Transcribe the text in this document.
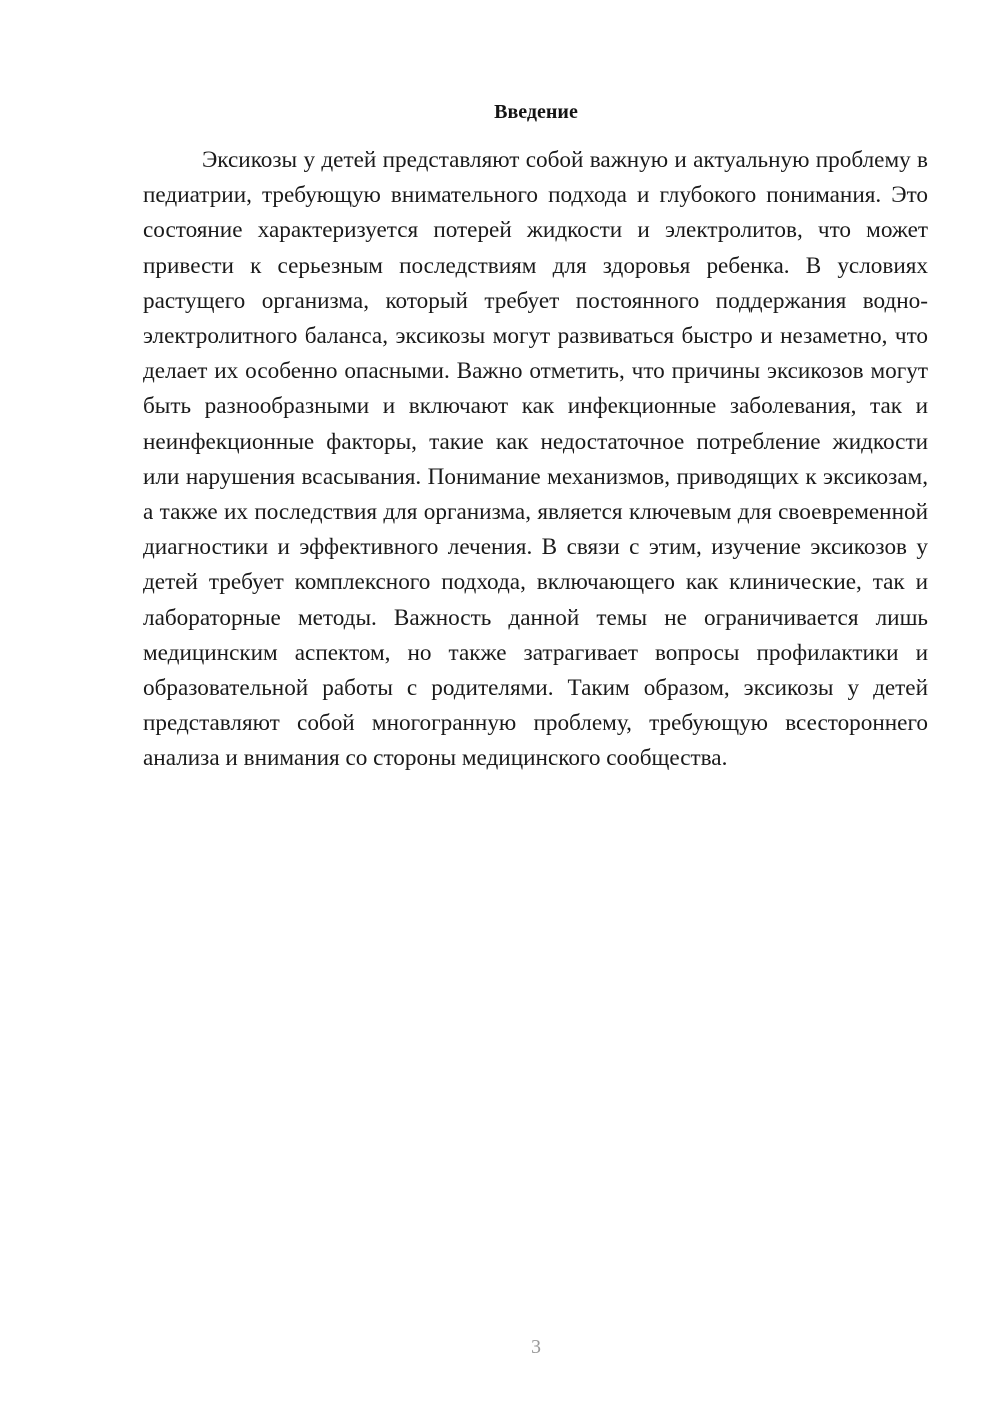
Введение

Эксикозы у детей представляют собой важную и актуальную проблему в педиатрии, требующую внимательного подхода и глубокого понимания. Это состояние характеризуется потерей жидкости и электролитов, что может привести к серьезным последствиям для здоровья ребенка. В условиях растущего организма, который требует постоянного поддержания водно-электролитного баланса, эксикозы могут развиваться быстро и незаметно, что делает их особенно опасными. Важно отметить, что причины эксикозов могут быть разнообразными и включают как инфекционные заболевания, так и неинфекционные факторы, такие как недостаточное потребление жидкости или нарушения всасывания. Понимание механизмов, приводящих к эксикозам, а также их последствия для организма, является ключевым для своевременной диагностики и эффективного лечения. В связи с этим, изучение эксикозов у детей требует комплексного подхода, включающего как клинические, так и лабораторные методы. Важность данной темы не ограничивается лишь медицинским аспектом, но также затрагивает вопросы профилактики и образовательной работы с родителями. Таким образом, эксикозы у детей представляют собой многогранную проблему, требующую всестороннего анализа и внимания со стороны медицинского сообщества.

3
